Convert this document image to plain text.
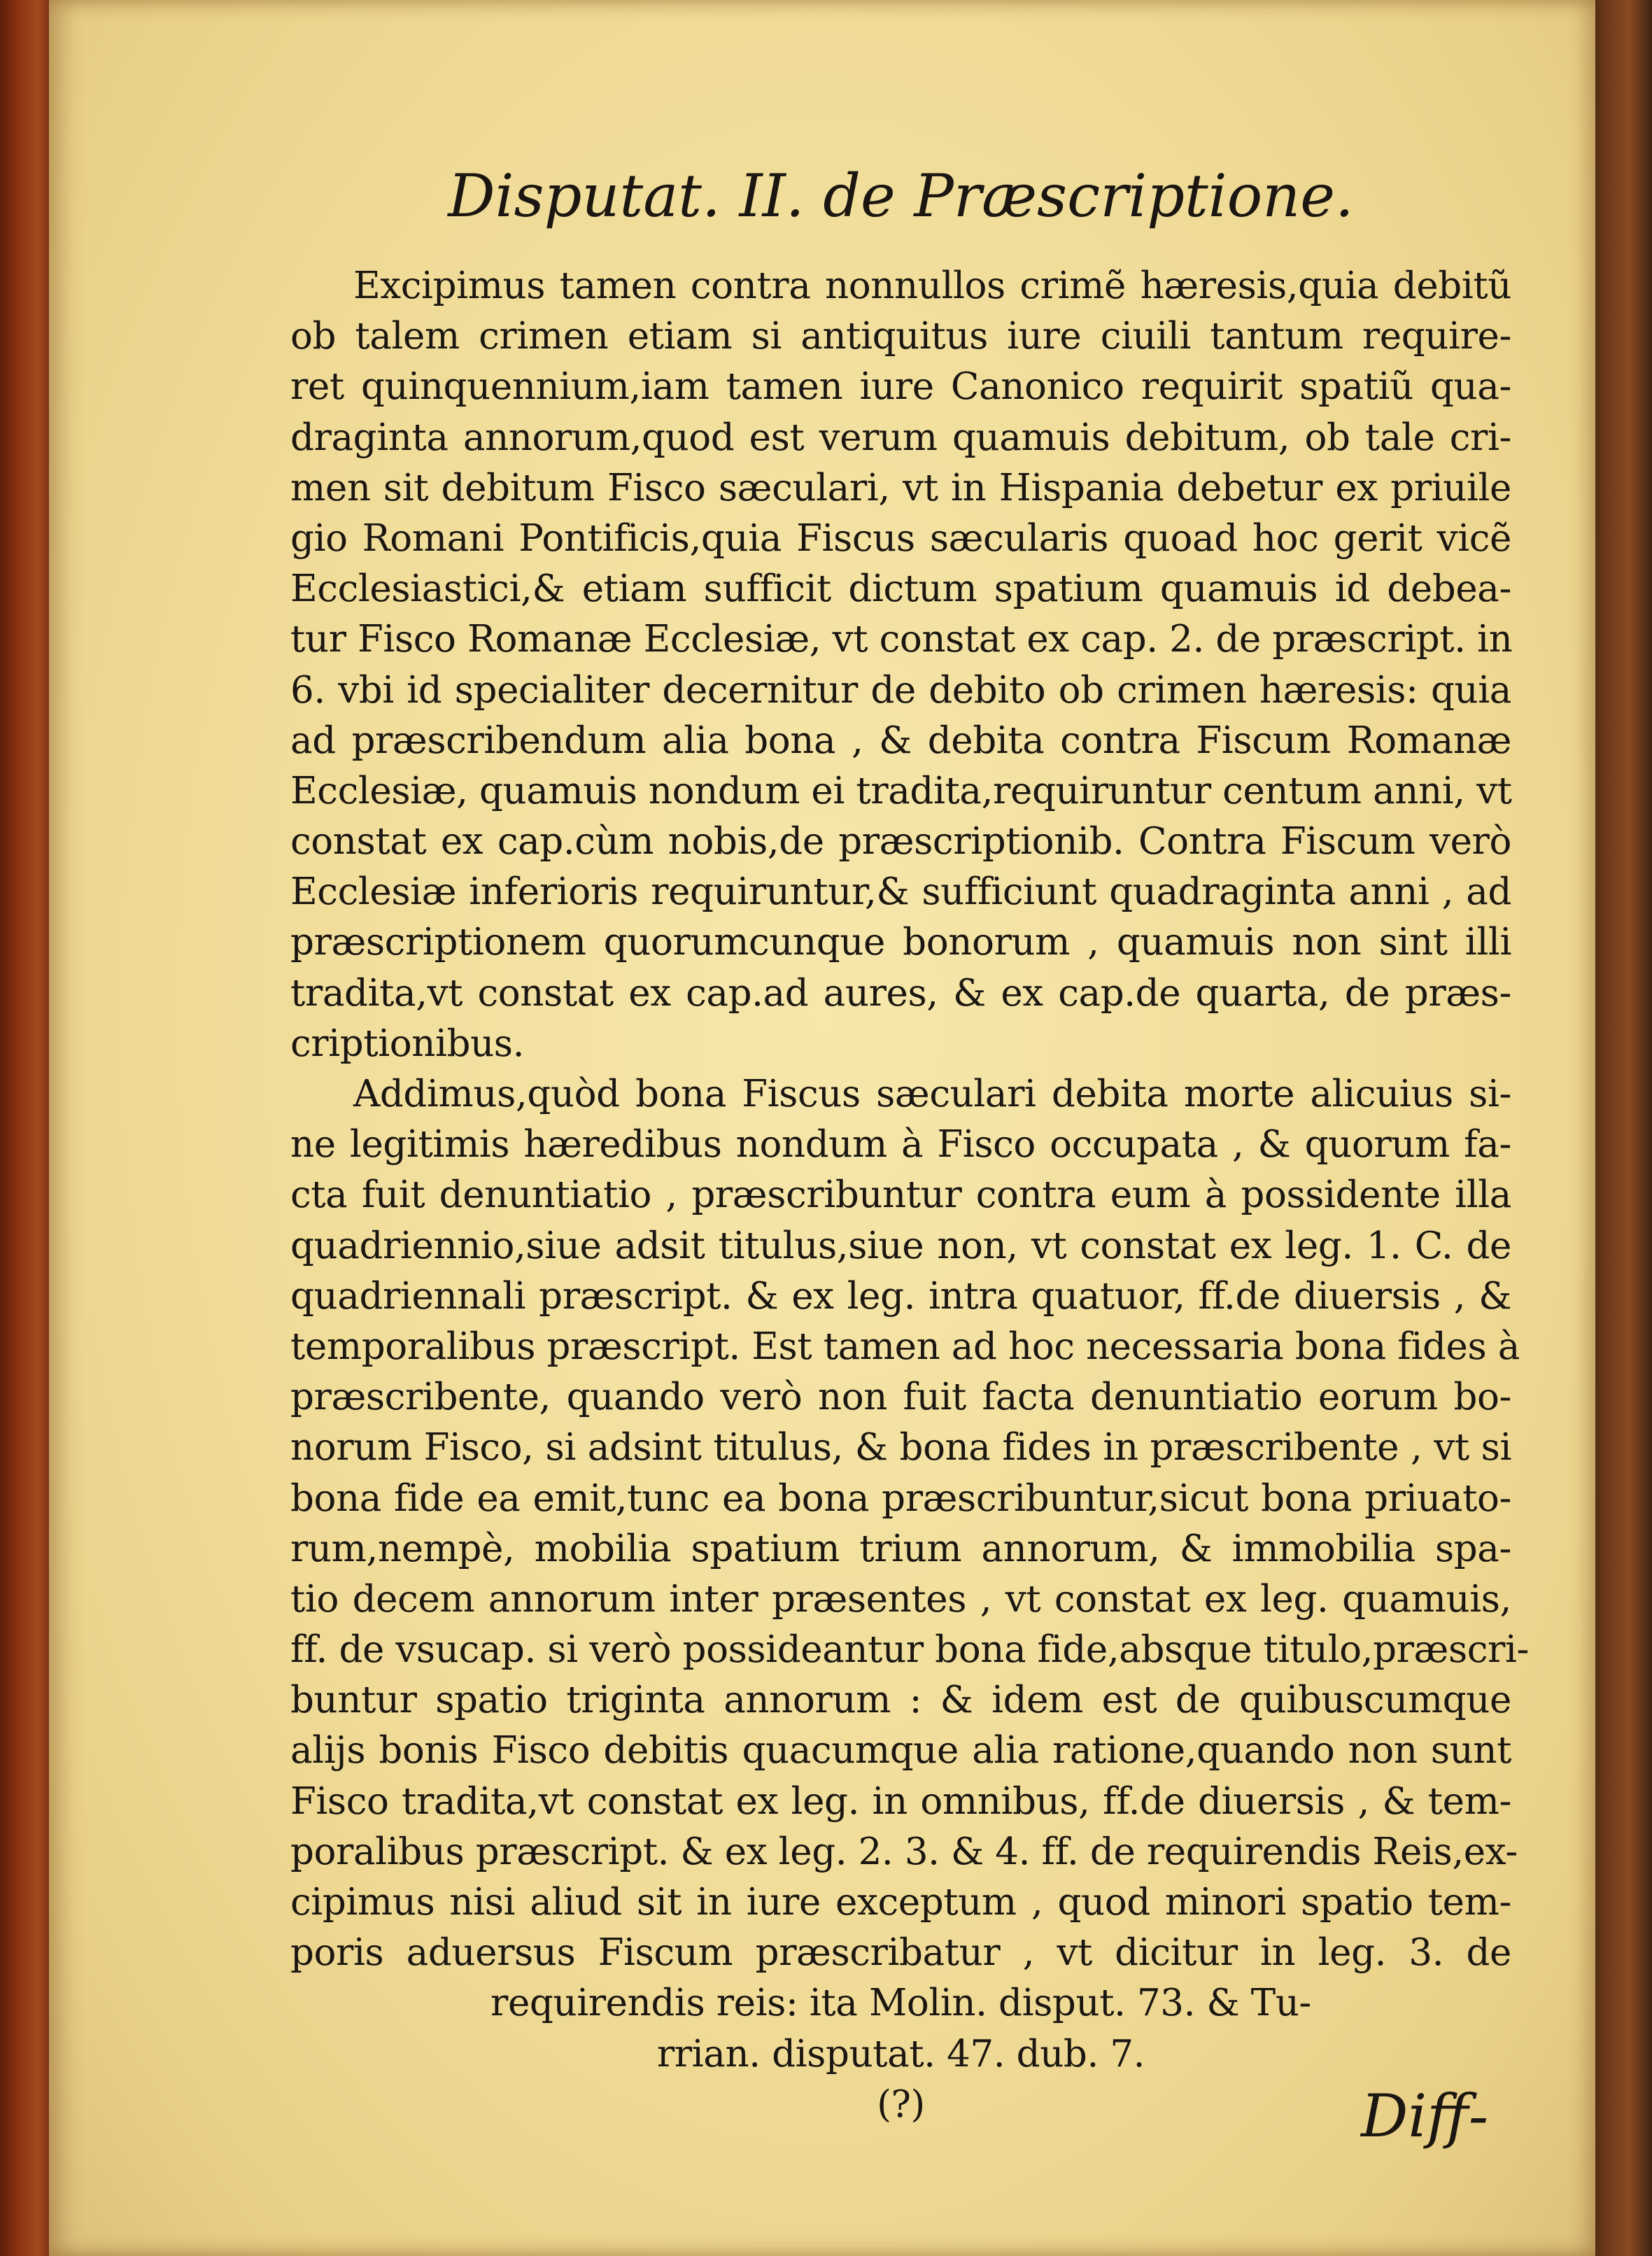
Disputat. II. de Præscriptione.
Excipimus tamen contra nonnullos crimẽ hæresis,quia debitũ
ob talem crimen etiam si antiquitus iure ciuili tantum require-
ret quinquennium,iam tamen iure Canonico requirit spatiũ qua-
draginta annorum,quod est verum quamuis debitum, ob tale cri-
men sit debitum Fisco sæculari, vt in Hispania debetur ex priuile
gio Romani Pontificis,quia Fiscus sæcularis quoad hoc gerit vicẽ
Ecclesiastici,& etiam sufficit dictum spatium quamuis id debea-
tur Fisco Romanæ Ecclesiæ, vt constat ex cap. 2. de præscript. in
6. vbi id specialiter decernitur de debito ob crimen hæresis: quia
ad præscribendum alia bona , & debita contra Fiscum Romanæ
Ecclesiæ, quamuis nondum ei tradita,requiruntur centum anni, vt
constat ex cap.cùm nobis,de præscriptionib. Contra Fiscum verò
Ecclesiæ inferioris requiruntur,& sufficiunt quadraginta anni , ad
præscriptionem quorumcunque bonorum , quamuis non sint illi
tradita,vt constat ex cap.ad aures, & ex cap.de quarta, de præs-
criptionibus.
Addimus,quòd bona Fiscus sæculari debita morte alicuius si-
ne legitimis hæredibus nondum à Fisco occupata , & quorum fa-
cta fuit denuntiatio , præscribuntur contra eum à possidente illa
quadriennio,siue adsit titulus,siue non, vt constat ex leg. 1. C. de
quadriennali præscript. & ex leg. intra quatuor, ff.de diuersis , &
temporalibus præscript. Est tamen ad hoc necessaria bona fides à
præscribente, quando verò non fuit facta denuntiatio eorum bo-
norum Fisco, si adsint titulus, & bona fides in præscribente , vt si
bona fide ea emit,tunc ea bona præscribuntur,sicut bona priuato-
rum,nempè, mobilia spatium trium annorum, & immobilia spa-
tio decem annorum inter præsentes , vt constat ex leg. quamuis,
ff. de vsucap. si verò possideantur bona fide,absque titulo,præscri-
buntur spatio triginta annorum : & idem est de quibuscumque
alijs bonis Fisco debitis quacumque alia ratione,quando non sunt
Fisco tradita,vt constat ex leg. in omnibus, ff.de diuersis , & tem-
poralibus præscript. & ex leg. 2. 3. & 4. ff. de requirendis Reis,ex-
cipimus nisi aliud sit in iure exceptum , quod minori spatio tem-
poris aduersus Fiscum præscribatur , vt dicitur in leg. 3. de
requirendis reis: ita Molin. disput. 73. & Tu-
rrian. disputat. 47. dub. 7.
(?)	Diff-
